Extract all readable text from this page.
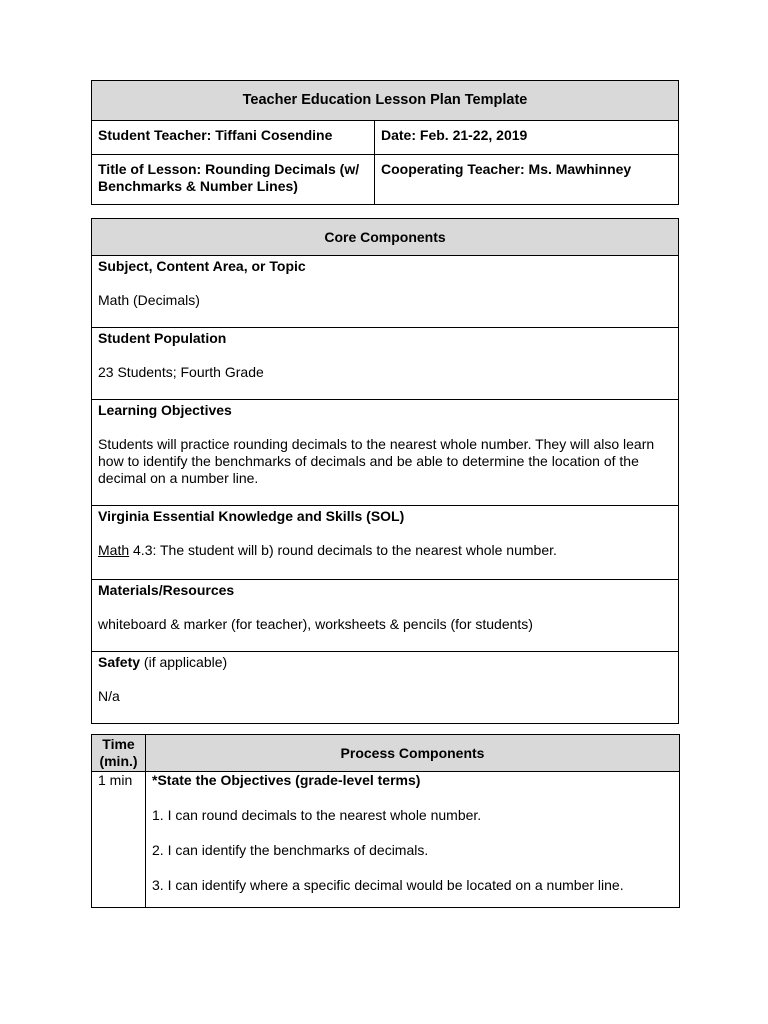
Teacher Education Lesson Plan Template	
Student Teacher: Tiffani Cosendine	Date: Feb. 21-22, 2019
Title of Lesson: Rounding Decimals (w/ Benchmarks & Number Lines)	Cooperating Teacher: Ms. Mawhinney
Core Components

Subject, Content Area, or Topic

Math (Decimals)

Student Population

23 Students; Fourth Grade

Learning Objectives

Students will practice rounding decimals to the nearest whole number. They will also learn how to identify the benchmarks of decimals and be able to determine the location of the decimal on a number line.

Virginia Essential Knowledge and Skills (SOL)

Math 4.3: The student will b) round decimals to the nearest whole number.

Materials/Resources

whiteboard & marker (for teacher), worksheets & pencils (for students)

Safety (if applicable)

N/a

Time (min.)	Process Components
1 min	*State the Objectives (grade-level terms)

1. I can round decimals to the nearest whole number.

2. I can identify the benchmarks of decimals.

3. I can identify where a specific decimal would be located on a number line.
